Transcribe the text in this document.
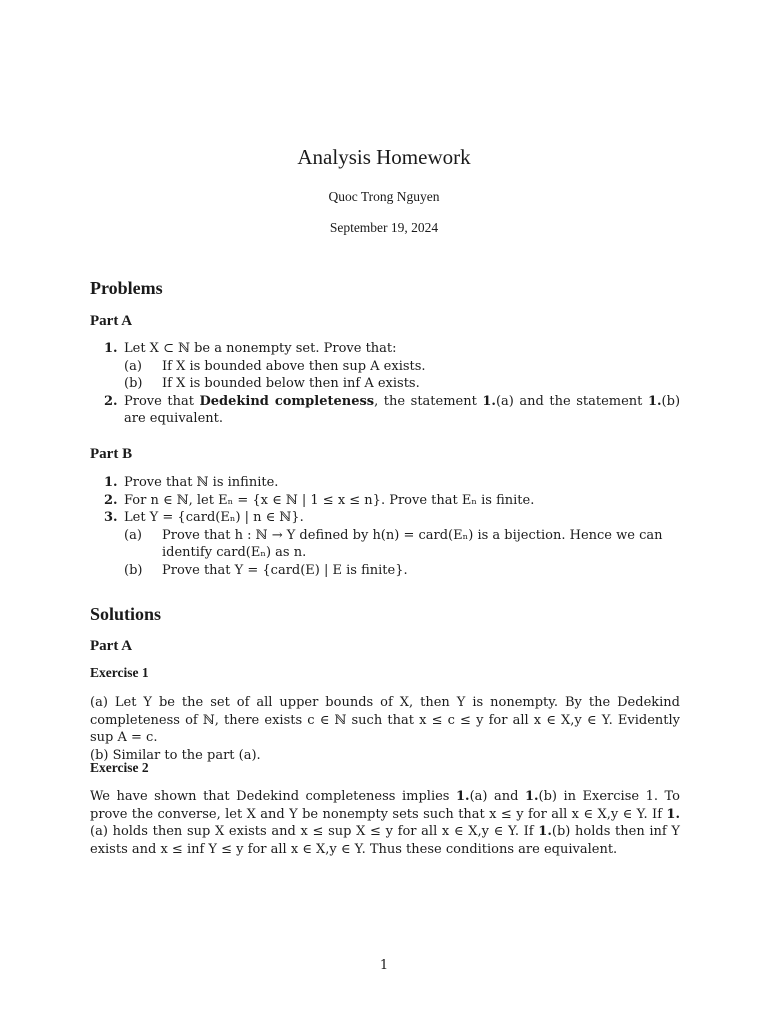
Analysis Homework
Quoc Trong Nguyen
September 19, 2024
Problems
Part A
1. Let X ⊂ ℕ be a nonempty set. Prove that:
(a) If X is bounded above then sup A exists.
(b) If X is bounded below then inf A exists.
2. Prove that Dedekind completeness, the statement 1.(a) and the statement 1.(b) are equivalent.
Part B
1. Prove that ℕ is infinite.
2. For n ∈ ℕ, let Eₙ = {x ∈ ℕ | 1 ≤ x ≤ n}. Prove that Eₙ is finite.
3. Let Y = {card(Eₙ) | n ∈ ℕ}.
(a) Prove that h : ℕ → Y defined by h(n) = card(Eₙ) is a bijection. Hence we can identify card(Eₙ) as n.
(b) Prove that Y = {card(E) | E is finite}.
Solutions
Part A
Exercise 1

(a) Let Y be the set of all upper bounds of X, then Y is nonempty. By the Dedekind completeness of ℕ, there exists c ∈ ℕ such that x ≤ c ≤ y for all x ∈ X,y ∈ Y. Evidently sup A = c.

(b) Similar to the part (a).

Exercise 2

We have shown that Dedekind completeness implies 1.(a) and 1.(b) in Exercise 1. To prove the converse, let X and Y be nonempty sets such that x ≤ y for all x ∈ X,y ∈ Y. If 1.(a) holds then sup X exists and x ≤ sup X ≤ y for all x ∈ X,y ∈ Y. If 1.(b) holds then inf Y exists and x ≤ inf Y ≤ y for all x ∈ X,y ∈ Y. Thus these conditions are equivalent.

1
